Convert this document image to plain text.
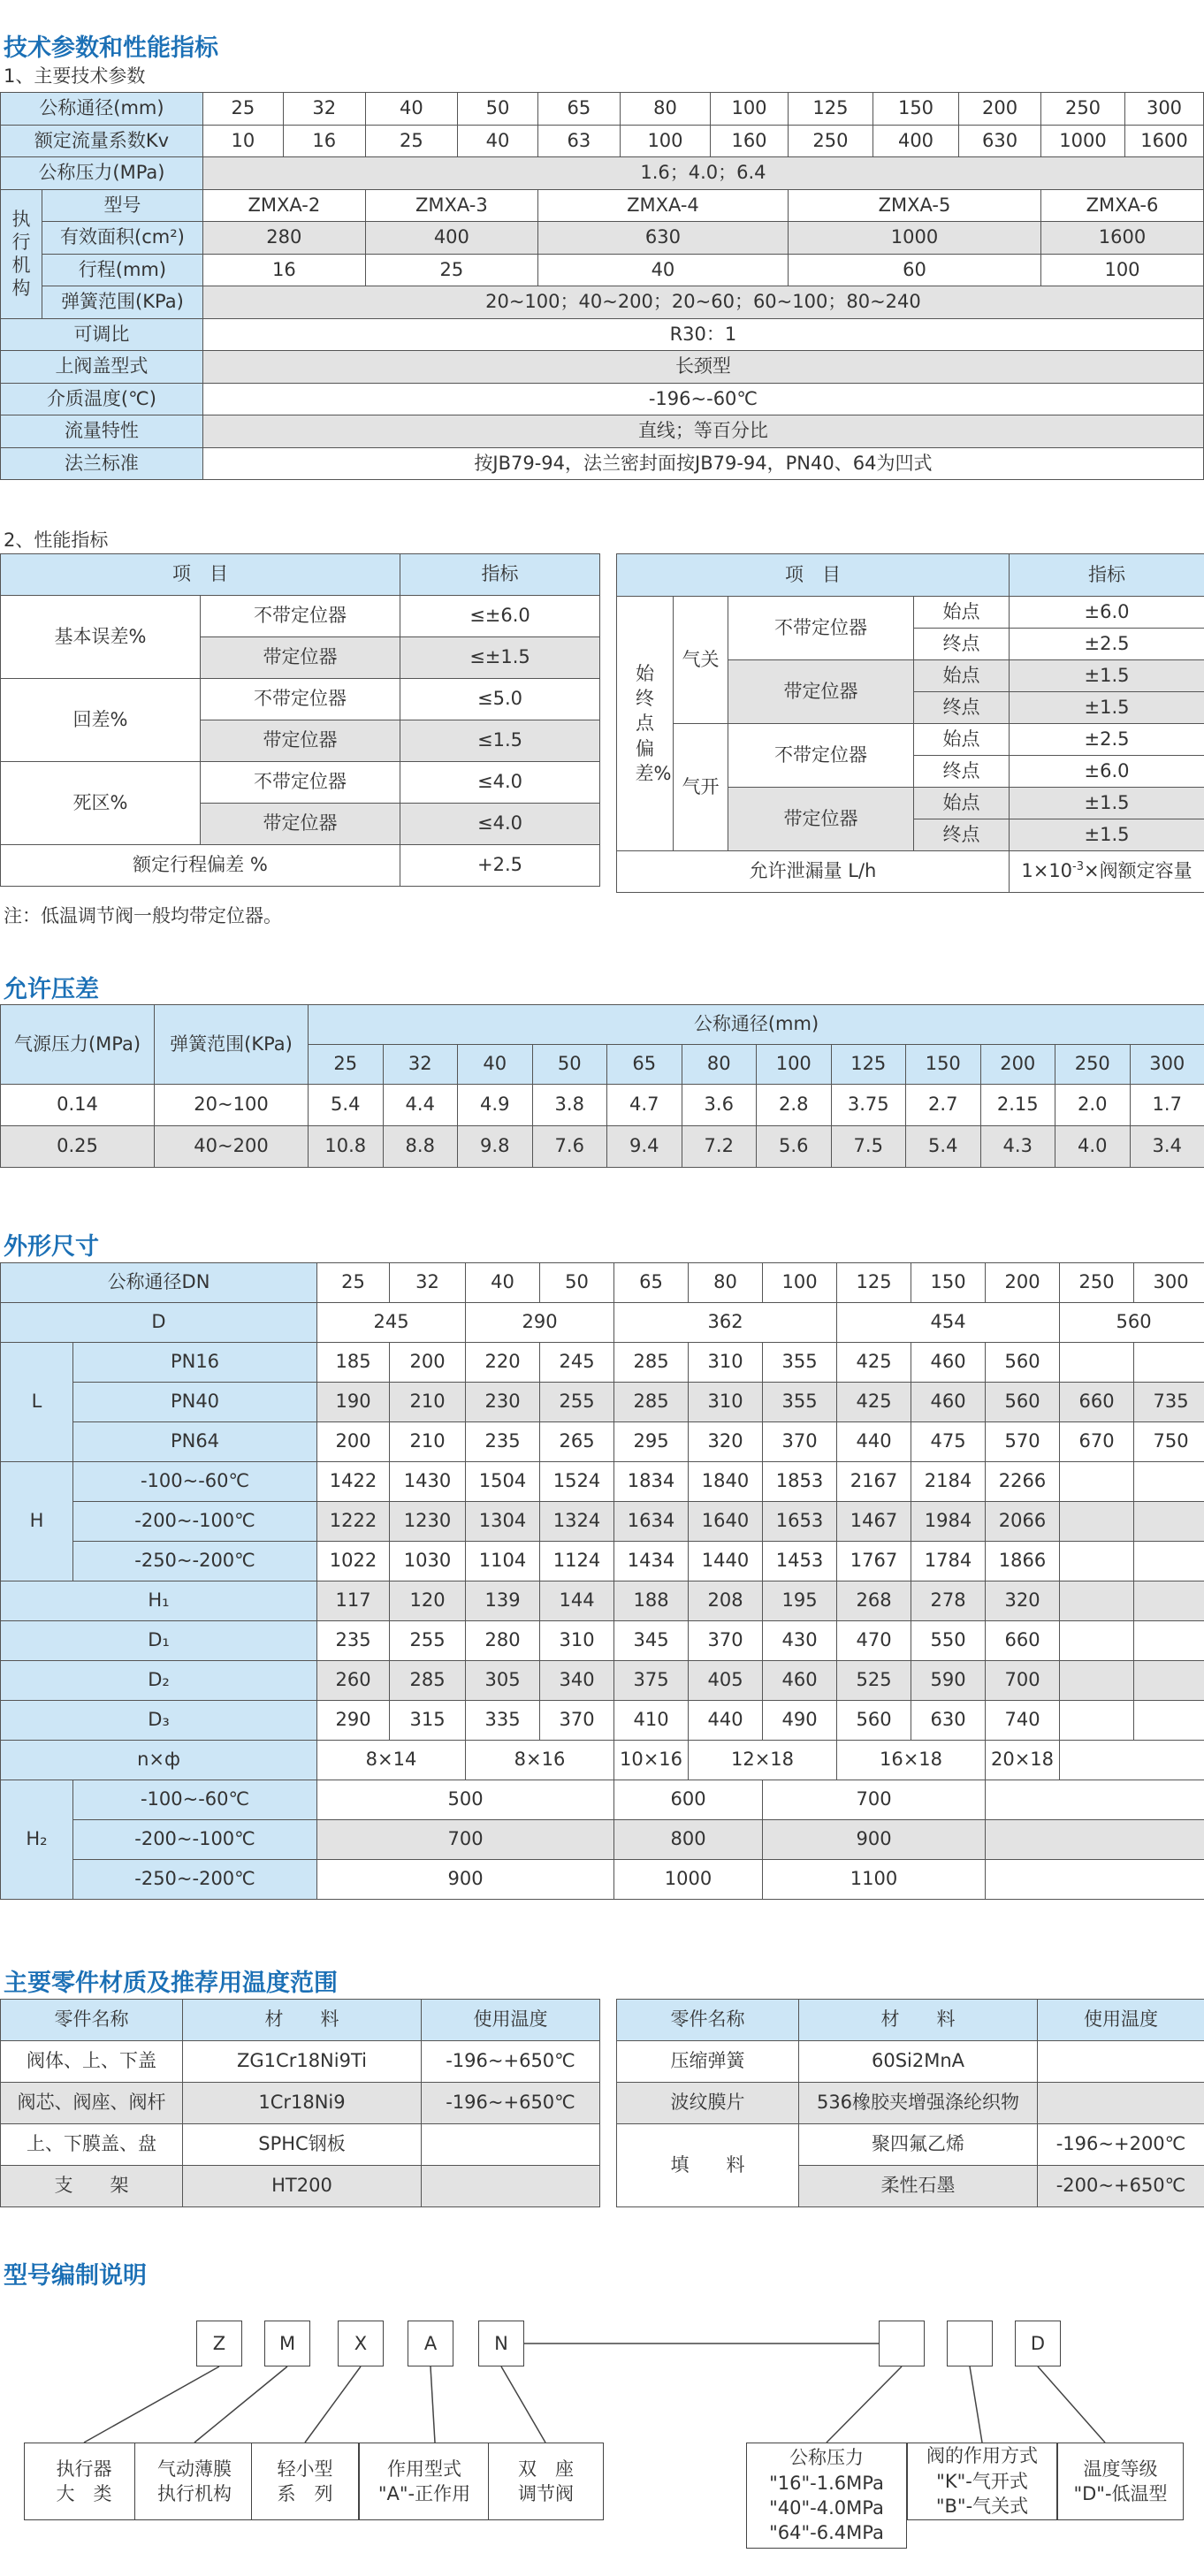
技术参数和性能指标
1、主要技术参数
公称通径(mm)		25	32	40	50	65	80	100	125	150	200	250	300
额定流量系数Kv		10	16	25	40	63	100	160	250	400	630	1000	1600
公称压力(MPa)		1.6；4.0；6.4											
执行机构	型号	ZMXA-2		ZMXA-3		ZMXA-4			ZMXA-5			ZMXA-6	
	有效面积(cm²)	280		400		630			1000			1600	
	行程(mm)	16		25		40			60			100	
	弹簧范围(KPa)	20~100；40~200；20~60；60~100；80~240											
可调比		R30：1											
上阀盖型式		长颈型											
介质温度(℃)		-196~-60℃											
流量特性		直线；等百分比											
法兰标准		按JB79-94，法兰密封面按JB79-94，PN40、64为凹式											
2、性能指标
项　目		指标
基本误差%	不带定位器	≤±6.0
	带定位器	≤±1.5
回差%	不带定位器	≤5.0
	带定位器	≤1.5
死区%	不带定位器	≤4.0
	带定位器	≤4.0
额定行程偏差 %		+2.5
项　目				指标
始终点偏差%	气关	不带定位器	始点	±6.0
			终点	±2.5
		带定位器	始点	±1.5
			终点	±1.5
	气开	不带定位器	始点	±2.5
			终点	±6.0
		带定位器	始点	±1.5
			终点	±1.5
允许泄漏量 L/h				$1\times 10^{-3}\times$阀额定容量
注：低温调节阀一般均带定位器。
允许压差
气源压力(MPa)	弹簧范围(KPa)	公称通径(mm)											
		25	32	40	50	65	80	100	125	150	200	250	300
0.14	20~100	5.4	4.4	4.9	3.8	4.7	3.6	2.8	3.75	2.7	2.15	2.0	1.7
0.25	40~200	10.8	8.8	9.8	7.6	9.4	7.2	5.6	7.5	5.4	4.3	4.0	3.4
外形尺寸
公称通径DN		25	32	40	50	65	80	100	125	150	200	250	300
D		245		290		362			454			560	
L	PN16	185	200	220	245	285	310	355	425	460	560		
	PN40	190	210	230	255	285	310	355	425	460	560	660	735
	PN64	200	210	235	265	295	320	370	440	475	570	670	750
H	-100~-60℃	1422	1430	1504	1524	1834	1840	1853	2167	2184	2266		
	-200~-100℃	1222	1230	1304	1324	1634	1640	1653	1467	1984	2066		
	-250~-200℃	1022	1030	1104	1124	1434	1440	1453	1767	1784	1866		
H₁		117	120	139	144	188	208	195	268	278	320		
D₁		235	255	280	310	345	370	430	470	550	660		
D₂		260	285	305	340	375	405	460	525	590	700		
D₃		290	315	335	370	410	440	490	560	630	740		
n×ф		8×14		8×16		10×16	12×18		16×18		20×18		
H₂	-100~-60℃	500				600		700					
	-200~-100℃	700				800		900					
	-250~-200℃	900				1000		1100					
主要零件材质及推荐用温度范围
零件名称	材　　料	使用温度
阀体、上、下盖	ZG1Cr18Ni9Ti	-196~+650℃
阀芯、阀座、阀杆	1Cr18Ni9	-196~+650℃
上、下膜盖、盘	SPHC钢板	
支　　架	HT200	
零件名称	材　　料	使用温度
压缩弹簧	60Si2MnA	
波纹膜片	536橡胶夹增强涤纶织物	
填　　料	聚四氟乙烯	-196~+200℃
	柔性石墨	-200~+650℃
型号编制说明
Z	M	X	A	N	D
执行器
大　类
气动薄膜
执行机构
轻小型
系　列
作用型式
"A"-正作用
双　座
调节阀
公称压力
"16"-1.6MPa
"40"-4.0MPa
"64"-6.4MPa
阀的作用方式
"K"-气开式
"B"-气关式
温度等级
"D"-低温型
